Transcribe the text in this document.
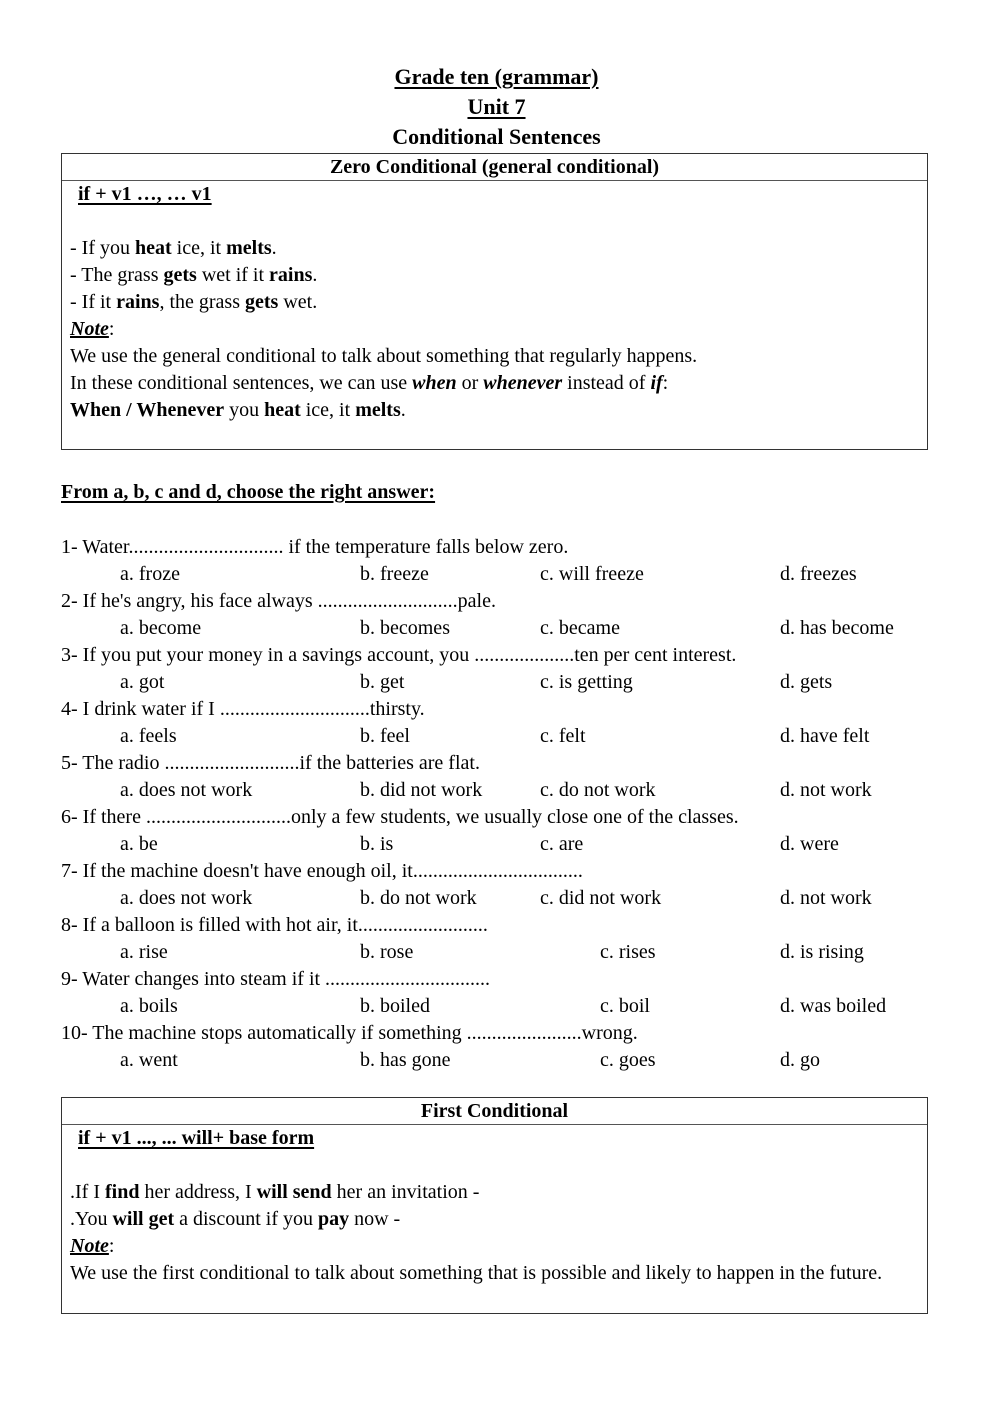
Grade ten (grammar)
Unit 7
Conditional Sentences
Zero Conditional (general conditional)
if + v1 …, … v1

- If you heat ice, it melts.
- The grass gets wet if it rains.
- If it rains, the grass gets wet.
Note:
We use the general conditional to talk about something that regularly happens.
In these conditional sentences, we can use when or whenever instead of if:
When / Whenever you heat ice, it melts.
From a, b, c and d, choose the right answer:
1- Water............................... if the temperature falls below zero.
a. froze	b. freeze	c. will freeze	d. freezes
2- If he's angry, his face always ............................pale.
a. become	b. becomes	c. became	d. has become
3- If you put your money in a savings account, you ....................ten per cent interest.
a. got	b. get	c. is getting	d. gets
4- I drink water if I ..............................thirsty.
a. feels	b. feel	c. felt	d. have felt
5- The radio ...........................if the batteries are flat.
a. does not work	b. did not work	c. do not work	d. not work
6- If there .............................only a few students, we usually close one of the classes.
a. be	b. is	c. are	d. were
7- If the machine doesn't have enough oil, it..................................
a. does not work	b. do not work	c. did not work	d. not work
8- If a balloon is filled with hot air, it..........................
a. rise	b. rose	c. rises	d. is rising
9- Water changes into steam if it .................................
a. boils	b. boiled	c. boil	d. was boiled
10- The machine stops automatically if something .......................wrong.
a. went	b. has gone	c. goes	d. go
First Conditional
if + v1 ..., ... will+ base form

.If I find her address, I will send her an invitation -
.You will get a discount if you pay now -
Note:
We use the first conditional to talk about something that is possible and likely to happen in the future.
